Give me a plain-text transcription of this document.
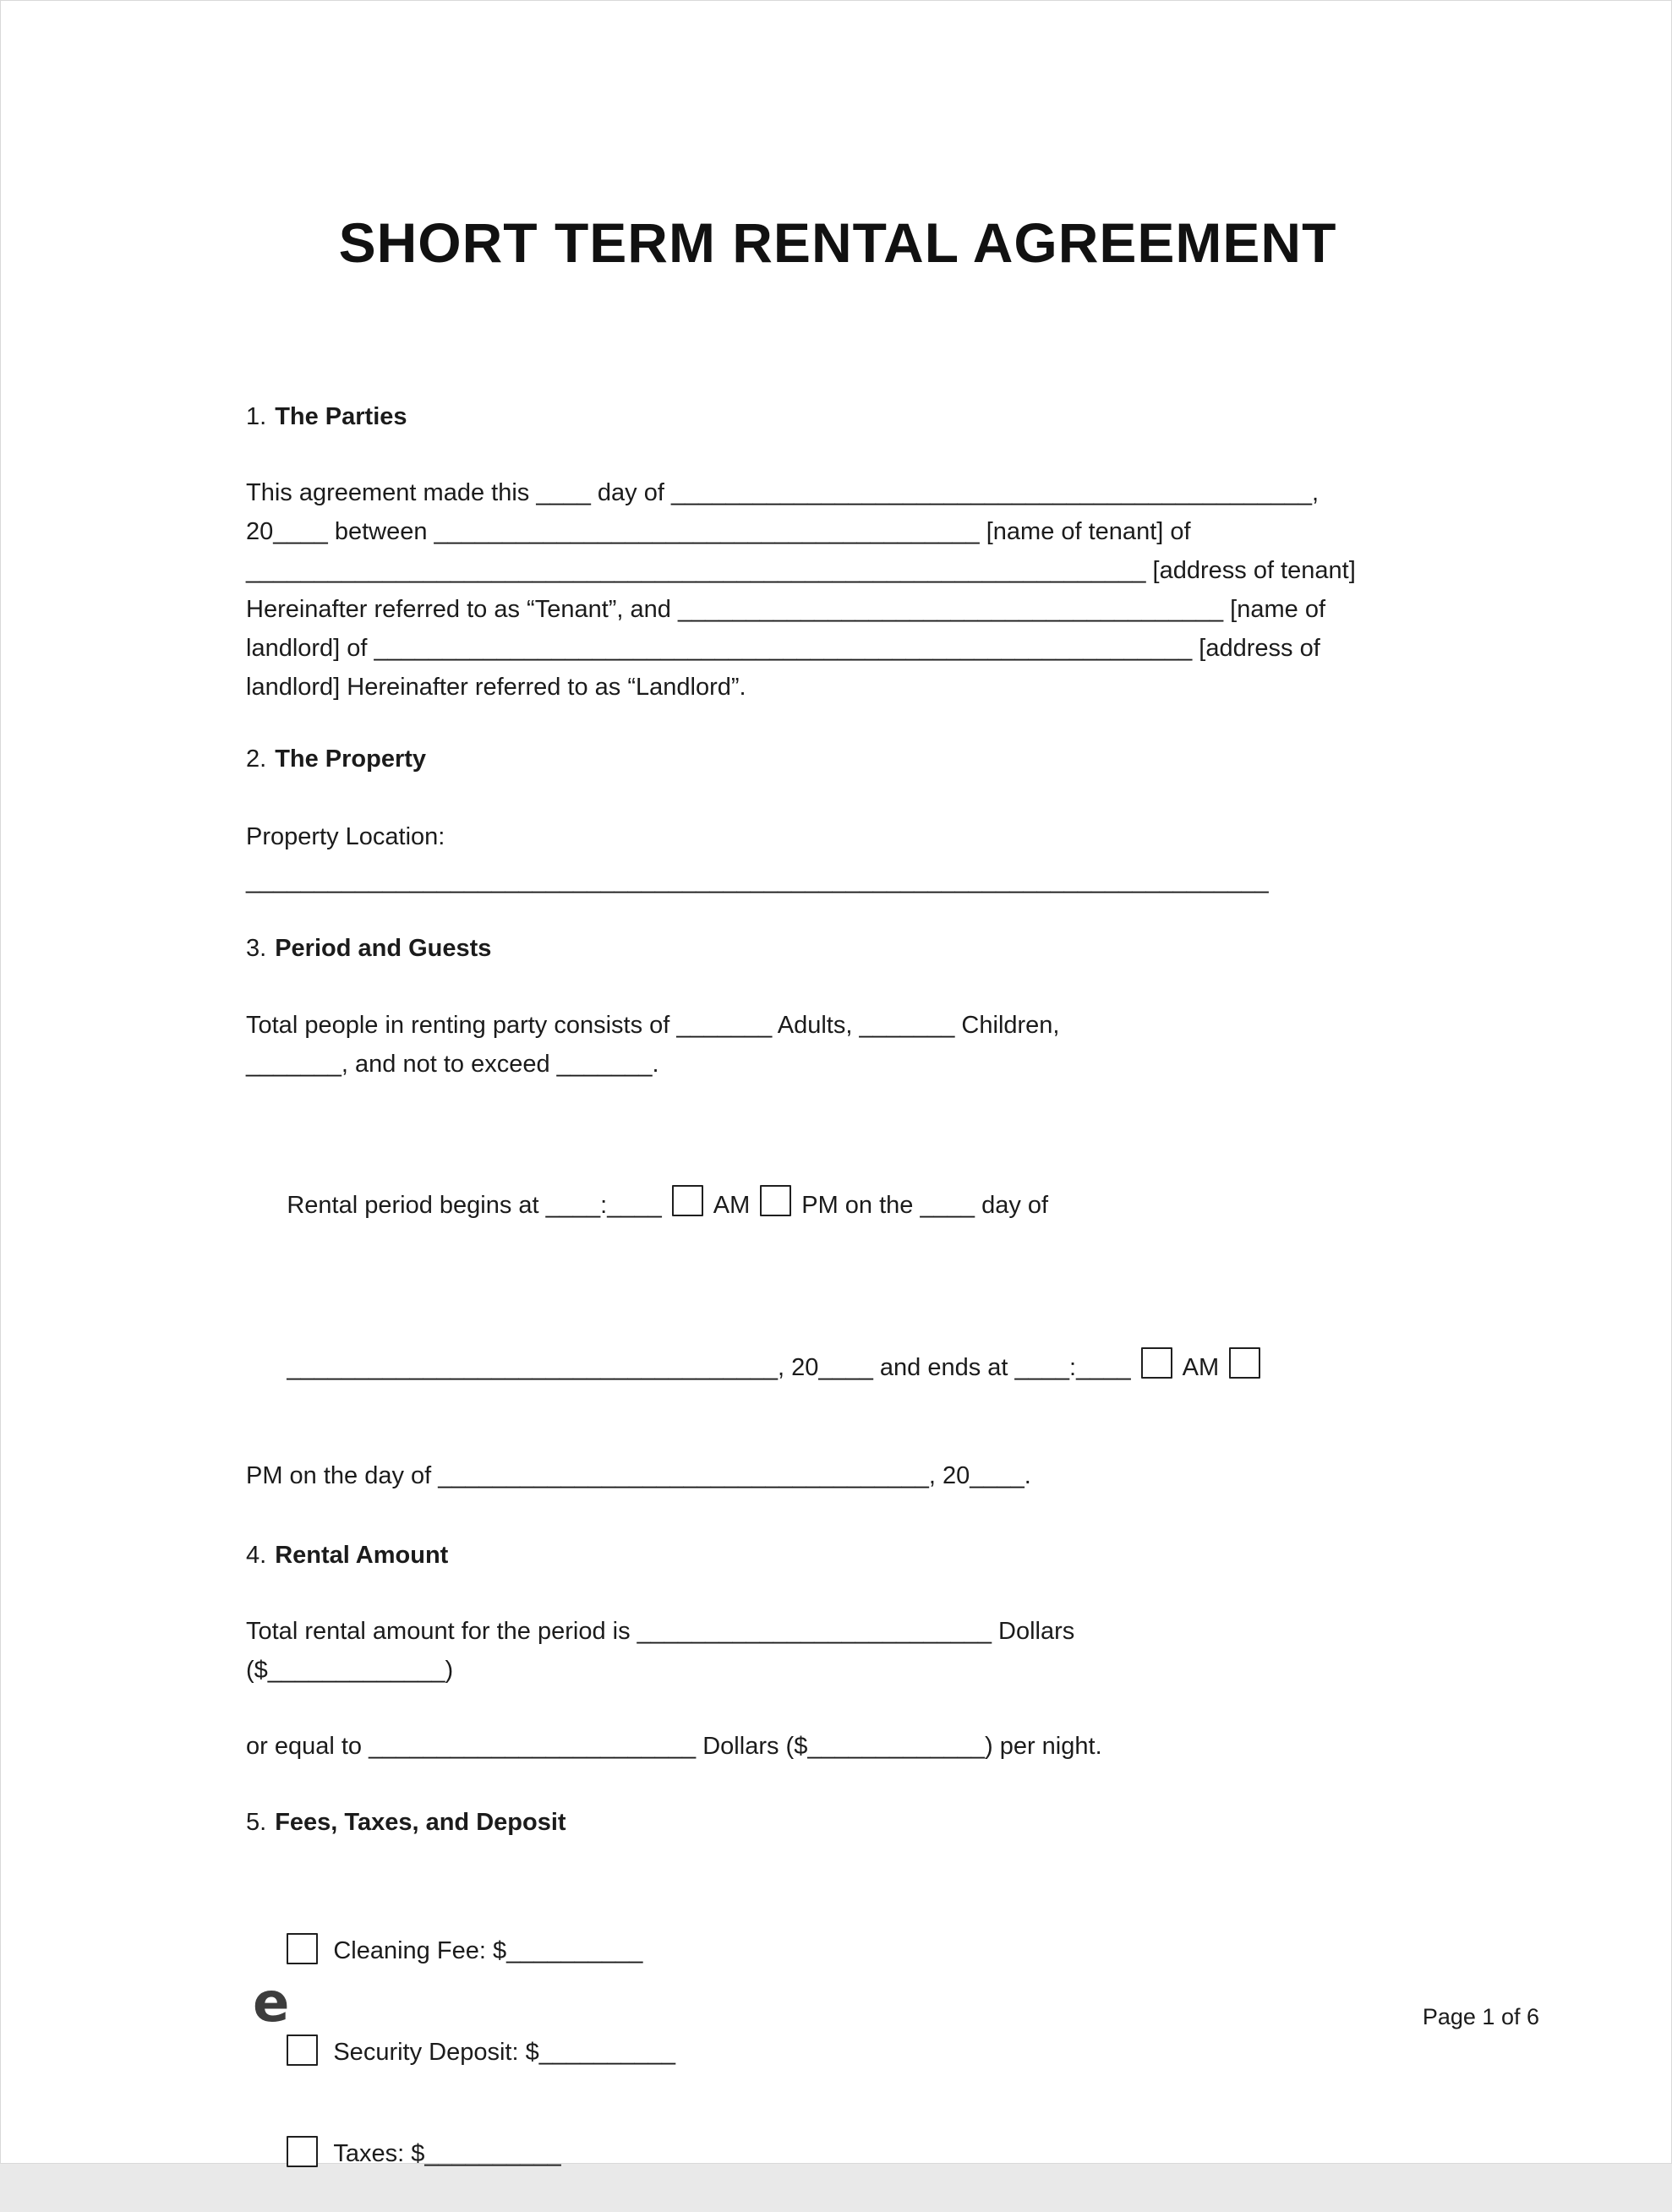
SHORT TERM RENTAL AGREEMENT
1. The Parties
This agreement made this ____ day of _______________________________________________,
20____ between ________________________________________ [name of tenant] of
__________________________________________________________________ [address of tenant]
Hereinafter referred to as “Tenant”, and ________________________________________ [name of
landlord] of ____________________________________________________________ [address of
landlord] Hereinafter referred to as “Landlord”.
2. The Property
Property Location:
___________________________________________________________________________
3. Period and Guests
Total people in renting party consists of _______ Adults, _______ Children,
_______, and not to exceed _______.

Rental period begins at ____:____ AM PM on the ____ day of

____________________________________, 20____ and ends at ____:____ AM

PM on the day of ____________________________________, 20____.
4. Rental Amount
Total rental amount for the period is __________________________ Dollars
($_____________)
or equal to ________________________ Dollars ($_____________) per night.
5. Fees, Taxes, and Deposit

Cleaning Fee: $__________

Security Deposit: $__________

Taxes: $__________

e	Page 1 of 6
